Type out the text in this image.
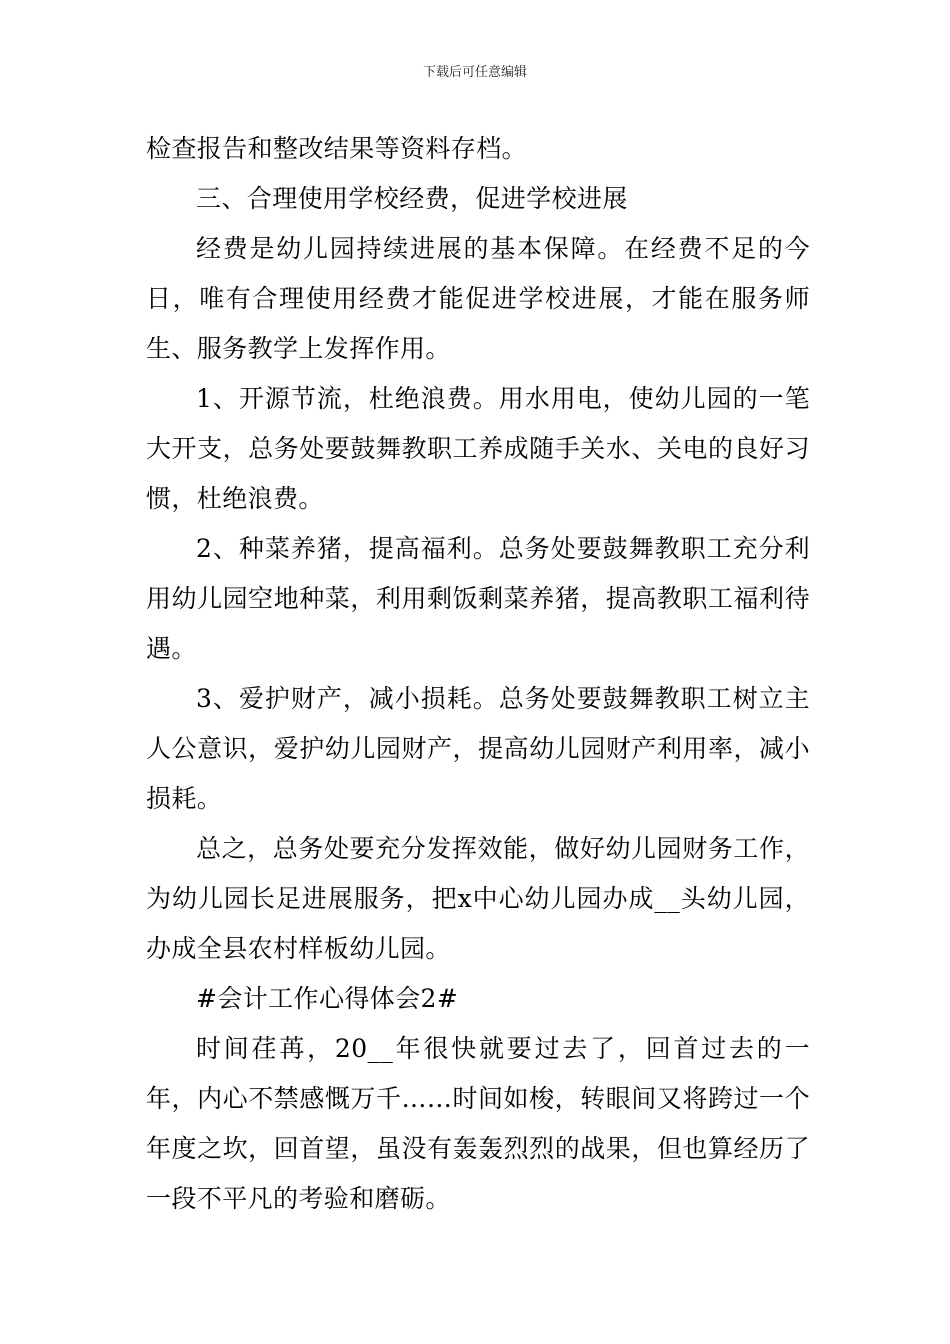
下载后可任意编辑

检查报告和整改结果等资料存档。

三、合理使用学校经费，促进学校进展

经费是幼儿园持续进展的基本保障。在经费不足的今日，唯有合理使用经费才能促进学校进展，才能在服务师生、服务教学上发挥作用。

1、开源节流，杜绝浪费。用水用电，使幼儿园的一笔大开支，总务处要鼓舞教职工养成随手关水、关电的良好习惯，杜绝浪费。

2、种菜养猪，提高福利。总务处要鼓舞教职工充分利用幼儿园空地种菜，利用剩饭剩菜养猪，提高教职工福利待遇。

3、爱护财产，减小损耗。总务处要鼓舞教职工树立主人公意识，爱护幼儿园财产，提高幼儿园财产利用率，减小损耗。

总之，总务处要充分发挥效能，做好幼儿园财务工作，为幼儿园长足进展服务，把x中心幼儿园办成__头幼儿园，办成全县农村样板幼儿园。

#会计工作心得体会2#

时间荏苒，20__年很快就要过去了，回首过去的一年，内心不禁感慨万千……时间如梭，转眼间又将跨过一个年度之坎，回首望，虽没有轰轰烈烈的战果，但也算经历了一段不平凡的考验和磨砺。
